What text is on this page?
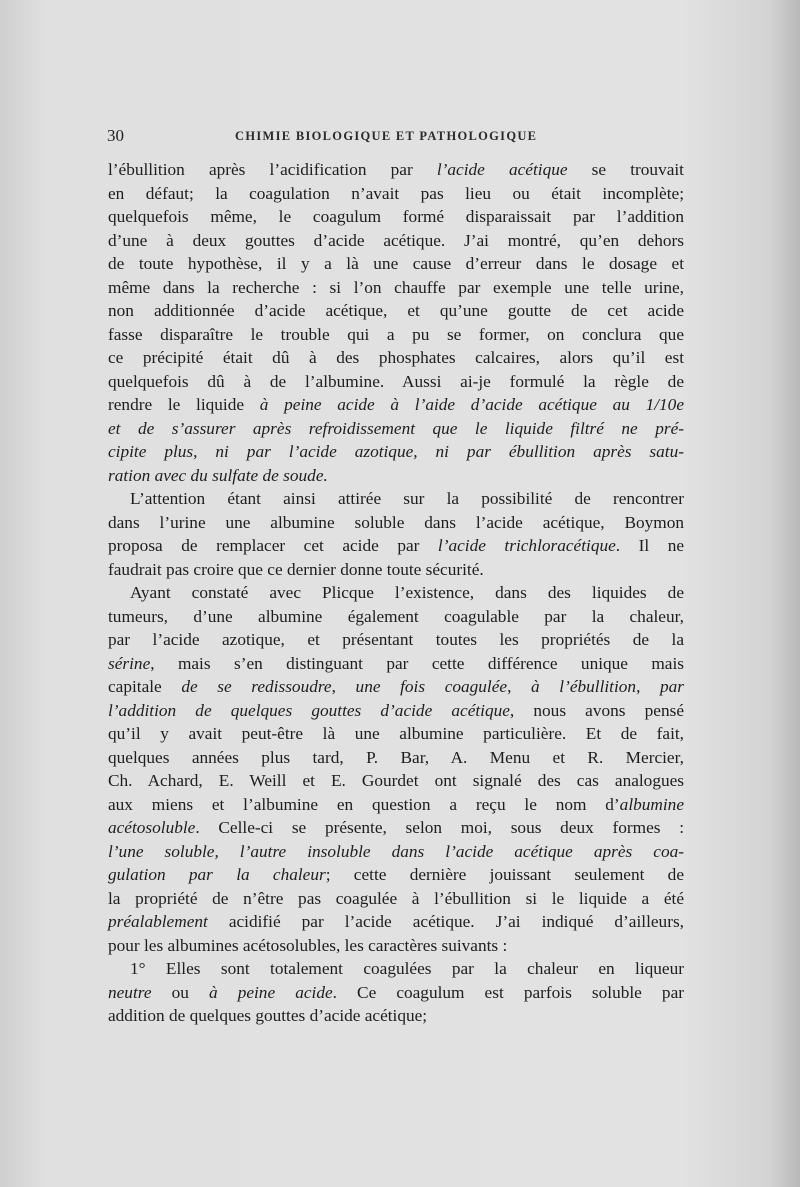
30	CHIMIE BIOLOGIQUE ET PATHOLOGIQUE
l’ébullition après l’acidification par l’acide acétique se trouvait
en défaut; la coagulation n’avait pas lieu ou était incomplète;
quelquefois même, le coagulum formé disparaissait par l’addition
d’une à deux gouttes d’acide acétique. J’ai montré, qu’en dehors
de toute hypothèse, il y a là une cause d’erreur dans le dosage et
même dans la recherche : si l’on chauffe par exemple une telle urine,
non additionnée d’acide acétique, et qu’une goutte de cet acide
fasse disparaître le trouble qui a pu se former, on conclura que
ce précipité était dû à des phosphates calcaires, alors qu’il est
quelquefois dû à de l’albumine. Aussi ai-je formulé la règle de
rendre le liquide à peine acide à l’aide d’acide acétique au 1/10e
et de s’assurer après refroidissement que le liquide filtré ne pré-
cipite plus, ni par l’acide azotique, ni par ébullition après satu-
ration avec du sulfate de soude.
L’attention étant ainsi attirée sur la possibilité de rencontrer
dans l’urine une albumine soluble dans l’acide acétique, Boymon
proposa de remplacer cet acide par l’acide trichloracétique. Il ne
faudrait pas croire que ce dernier donne toute sécurité.
Ayant constaté avec Plicque l’existence, dans des liquides de
tumeurs, d’une albumine également coagulable par la chaleur,
par l’acide azotique, et présentant toutes les propriétés de la
sérine, mais s’en distinguant par cette différence unique mais
capitale de se redissoudre, une fois coagulée, à l’ébullition, par
l’addition de quelques gouttes d’acide acétique, nous avons pensé
qu’il y avait peut-être là une albumine particulière. Et de fait,
quelques années plus tard, P. Bar, A. Menu et R. Mercier,
Ch. Achard, E. Weill et E. Gourdet ont signalé des cas analogues
aux miens et l’albumine en question a reçu le nom d’albumine
acétosoluble. Celle-ci se présente, selon moi, sous deux formes :
l’une soluble, l’autre insoluble dans l’acide acétique après coa-
gulation par la chaleur; cette dernière jouissant seulement de
la propriété de n’être pas coagulée à l’ébullition si le liquide a été
préalablement acidifié par l’acide acétique. J’ai indiqué d’ailleurs,
pour les albumines acétosolubles, les caractères suivants :
1° Elles sont totalement coagulées par la chaleur en liqueur
neutre ou à peine acide. Ce coagulum est parfois soluble par
addition de quelques gouttes d’acide acétique;
